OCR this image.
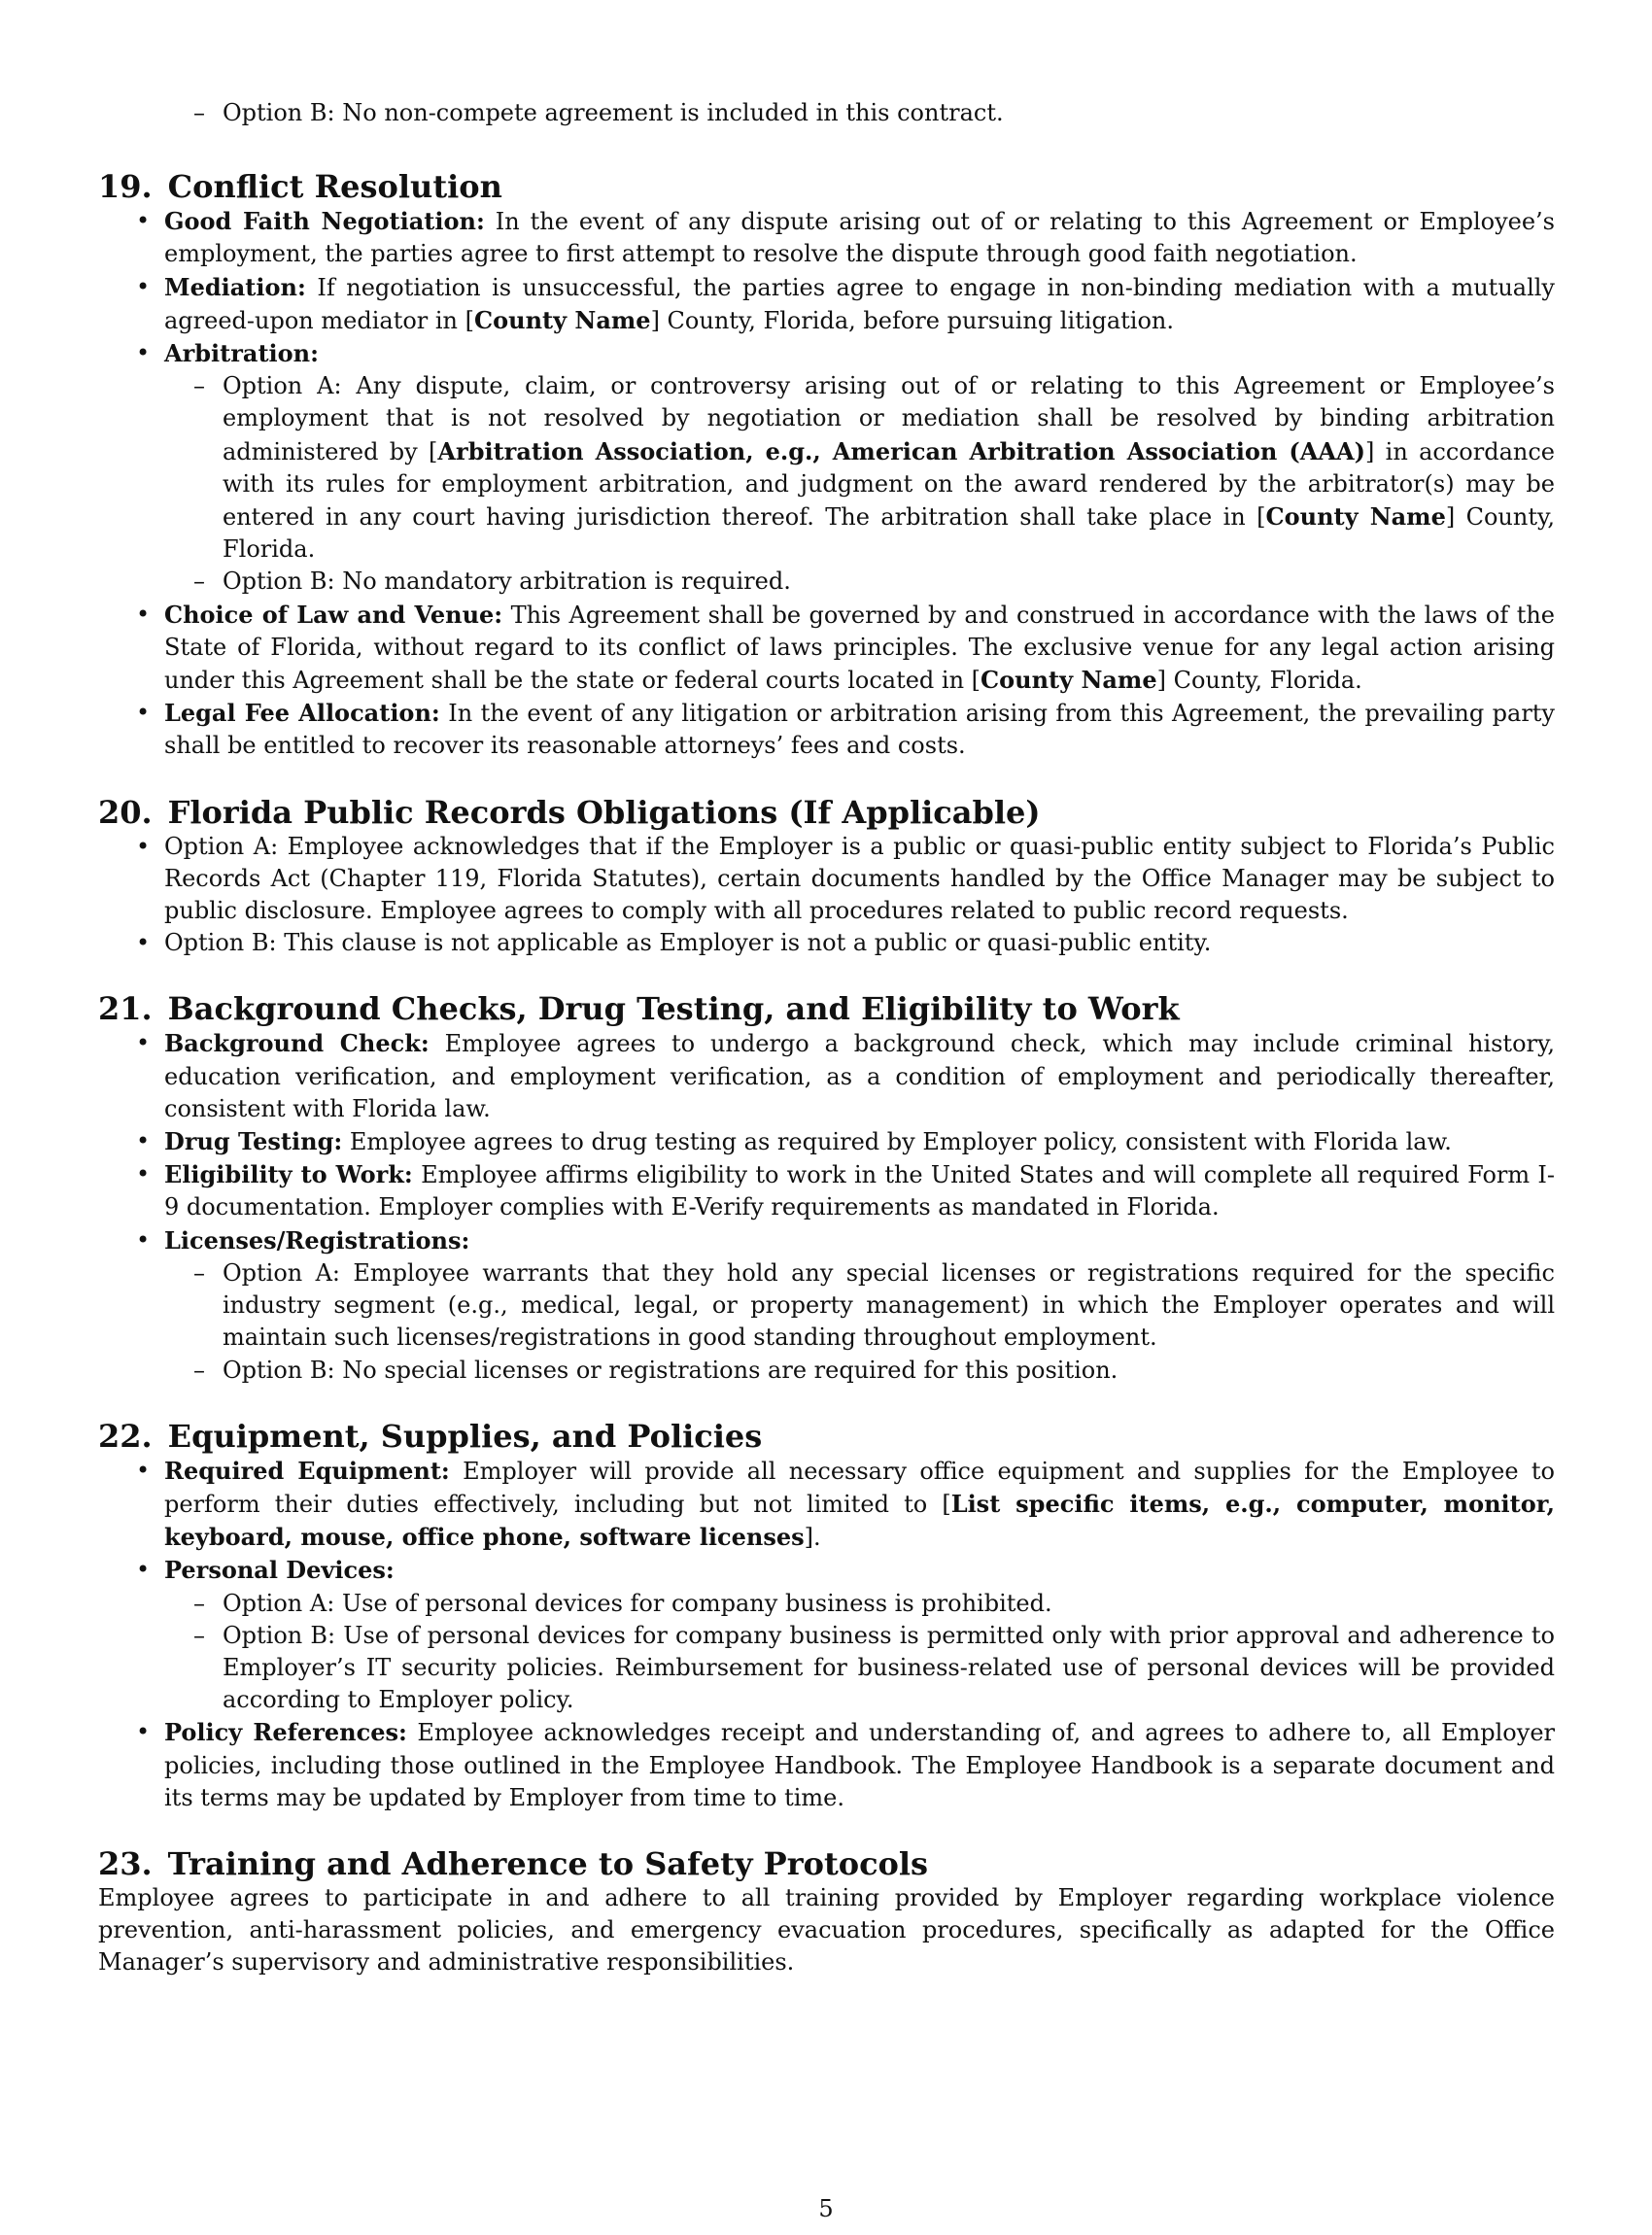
– Option B: No non-compete agreement is included in this contract.
19. Conflict Resolution
• Good Faith Negotiation: In the event of any dispute arising out of or relating to this Agreement or Employee’s employment, the parties agree to first attempt to resolve the dispute through good faith negotiation.
• Mediation: If negotiation is unsuccessful, the parties agree to engage in non-binding mediation with a mutually agreed-upon mediator in [County Name] County, Florida, before pursuing litigation.
• Arbitration:
– Option A: Any dispute, claim, or controversy arising out of or relating to this Agreement or Employee’s employment that is not resolved by negotiation or mediation shall be resolved by binding arbitration administered by [Arbitration Association, e.g., American Arbitration Association (AAA)] in accordance with its rules for employment arbitration, and judgment on the award rendered by the arbitrator(s) may be entered in any court having jurisdiction thereof. The arbitration shall take place in [County Name] County, Florida.
– Option B: No mandatory arbitration is required.
• Choice of Law and Venue: This Agreement shall be governed by and construed in accordance with the laws of the State of Florida, without regard to its conflict of laws principles. The exclusive venue for any legal action arising under this Agreement shall be the state or federal courts located in [County Name] County, Florida.
• Legal Fee Allocation: In the event of any litigation or arbitration arising from this Agreement, the prevailing party shall be entitled to recover its reasonable attorneys’ fees and costs.
20. Florida Public Records Obligations (If Applicable)
• Option A: Employee acknowledges that if the Employer is a public or quasi-public entity subject to Florida’s Public Records Act (Chapter 119, Florida Statutes), certain documents handled by the Office Manager may be subject to public disclosure. Employee agrees to comply with all procedures related to public record requests.
• Option B: This clause is not applicable as Employer is not a public or quasi-public entity.
21. Background Checks, Drug Testing, and Eligibility to Work
• Background Check: Employee agrees to undergo a background check, which may include criminal history, education verification, and employment verification, as a condition of employment and periodically thereafter, consistent with Florida law.
• Drug Testing: Employee agrees to drug testing as required by Employer policy, consistent with Florida law.
• Eligibility to Work: Employee affirms eligibility to work in the United States and will complete all required Form I-9 documentation. Employer complies with E-Verify requirements as mandated in Florida.
• Licenses/Registrations:
– Option A: Employee warrants that they hold any special licenses or registrations required for the specific industry segment (e.g., medical, legal, or property management) in which the Employer operates and will maintain such licenses/registrations in good standing throughout employment.
– Option B: No special licenses or registrations are required for this position.
22. Equipment, Supplies, and Policies
• Required Equipment: Employer will provide all necessary office equipment and supplies for the Employee to perform their duties effectively, including but not limited to [List specific items, e.g., computer, monitor, keyboard, mouse, office phone, software licenses].
• Personal Devices:
– Option A: Use of personal devices for company business is prohibited.
– Option B: Use of personal devices for company business is permitted only with prior approval and adherence to Employer’s IT security policies. Reimbursement for business-related use of personal devices will be provided according to Employer policy.
• Policy References: Employee acknowledges receipt and understanding of, and agrees to adhere to, all Employer policies, including those outlined in the Employee Handbook. The Employee Handbook is a separate document and its terms may be updated by Employer from time to time.
23. Training and Adherence to Safety Protocols

Employee agrees to participate in and adhere to all training provided by Employer regarding workplace violence prevention, anti-harassment policies, and emergency evacuation procedures, specifically as adapted for the Office Manager’s supervisory and administrative responsibilities.

5
